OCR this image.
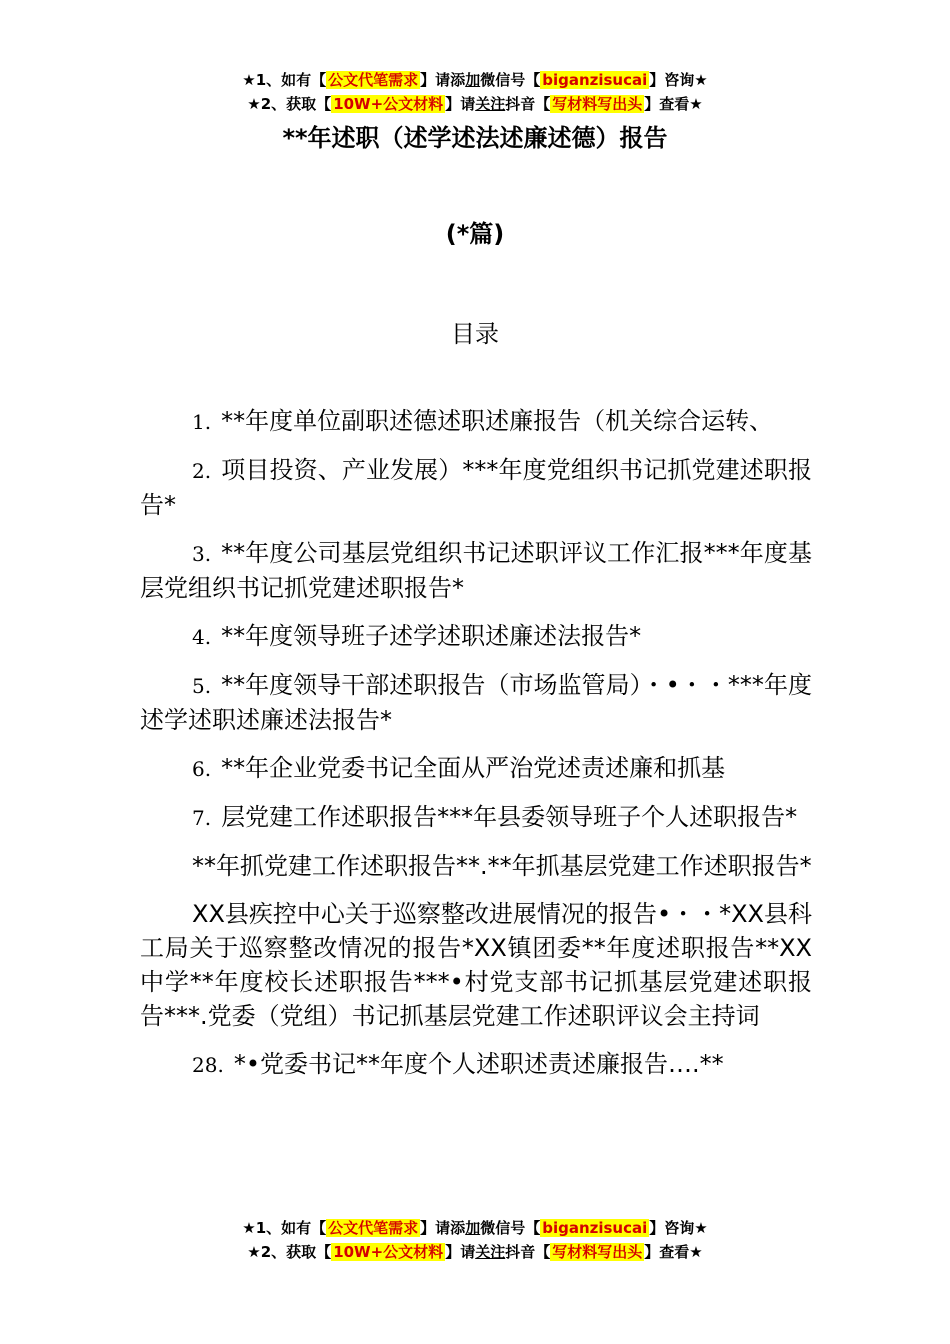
★1、如有【 公文代笔需求 】请添加微信号【 biganzisucai 】咨询★
★2、获取【 10W+公文材料 】请关注抖音【 写材料写出头 】查看★
**年述职（述学述法述廉述德）报告
(*篇)
目录
1. **年度单位副职述德述职述廉报告（机关综合运转、
2. 项目投资、产业发展）***年度党组织书记抓党建述职报告*
3. **年度公司基层党组织书记述职评议工作汇报***年度基层党组织书记抓党建述职报告*
4. **年度领导班子述学述职述廉述法报告*
5. **年度领导干部述职报告（市场监管局）・•・・***年度述学述职述廉述法报告*
6. **年企业党委书记全面从严治党述责述廉和抓基
7. 层党建工作述职报告***年县委领导班子个人述职报告*
**年抓党建工作述职报告**.**年抓基层党建工作述职报告*
XX县疾控中心关于巡察整改进展情况的报告•・・*XX县科工局关于巡察整改情况的报告*XX镇团委**年度述职报告**XX中学**年度校长述职报告***•村党支部书记抓基层党建述职报告***.党委（党组）书记抓基层党建工作述职评议会主持词
28. *•党委书记**年度个人述职述责述廉报告….**
★1、如有【 公文代笔需求 】请添加微信号【 biganzisucai 】咨询★
★2、获取【 10W+公文材料 】请关注抖音【 写材料写出头 】查看★
